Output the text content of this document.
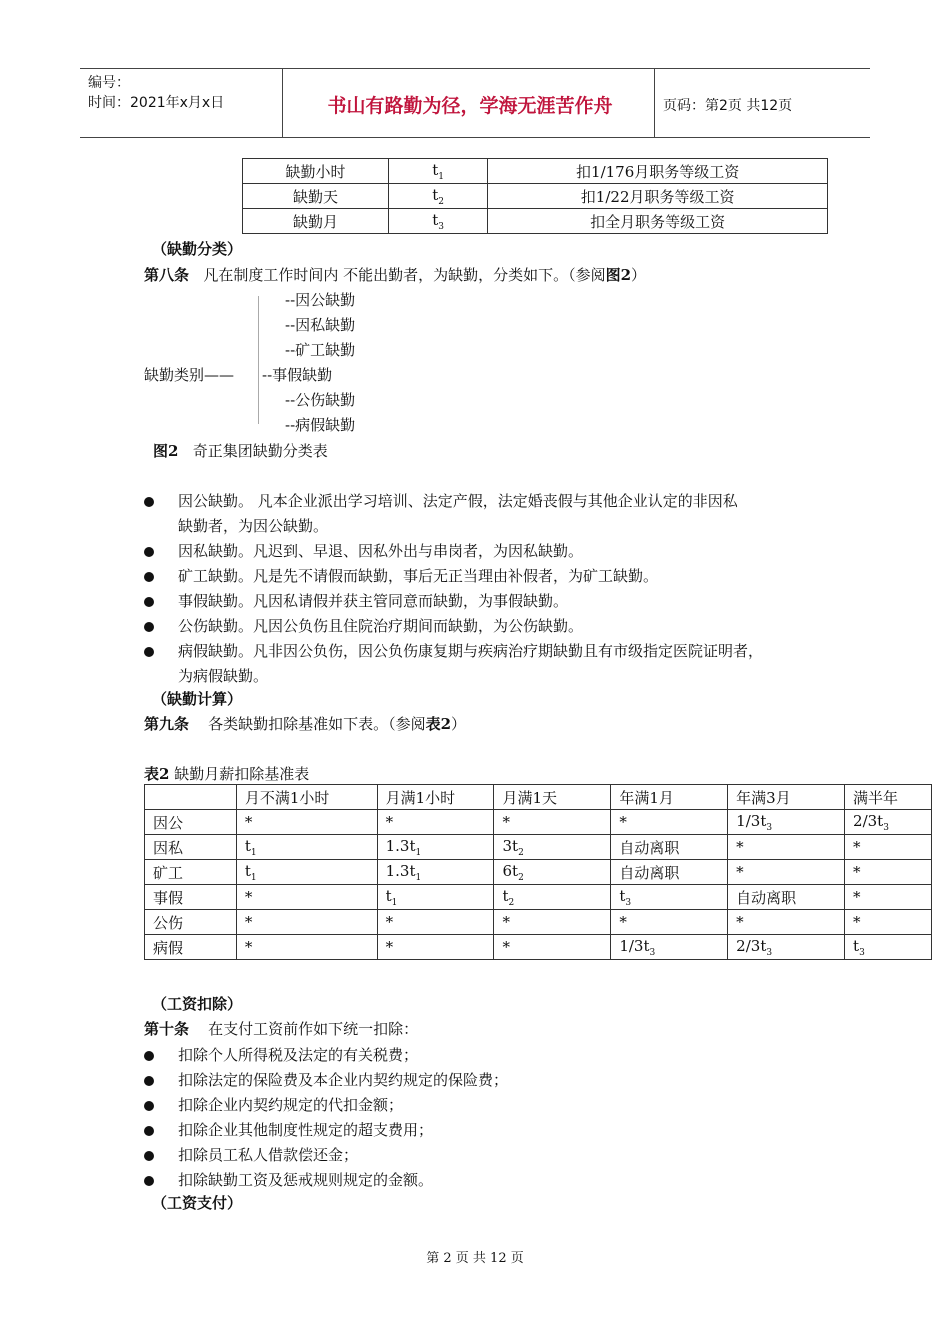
编号：
时间：2021年x月x日	书山有路勤为径，学海无涯苦作舟	页码：第2页 共12页
缺勤小时	$t_1$	扣1/176月职务等级工资
缺勤天	$t_2$	扣1/22月职务等级工资
缺勤月	$t_3$	扣全月职务等级工资
（缺勤分类）
第八条 凡在制度工作时间内 不能出勤者，为缺勤，分类如下。（参阅图2）
缺勤类别——
--因公缺勤
--因私缺勤
--矿工缺勤
--事假缺勤
--公伤缺勤
--病假缺勤
图2 奇正集团缺勤分类表
因公缺勤。 凡本企业派出学习培训、法定产假，法定婚丧假与其他企业认定的非因私
缺勤者，为因公缺勤。
因私缺勤。凡迟到、早退、因私外出与串岗者，为因私缺勤。
矿工缺勤。凡是先不请假而缺勤，事后无正当理由补假者，为矿工缺勤。
事假缺勤。凡因私请假并获主管同意而缺勤，为事假缺勤。
公伤缺勤。凡因公负伤且住院治疗期间而缺勤，为公伤缺勤。
病假缺勤。凡非因公负伤，因公负伤康复期与疾病治疗期缺勤且有市级指定医院证明者，
为病假缺勤。
（缺勤计算）
第九条 各类缺勤扣除基准如下表。（参阅表2）
表2 缺勤月薪扣除基准表
	月不满1小时	月满1小时	月满1天	年满1月	年满3月	满半年
因公	*	*	*	*	$1/3t_3$	$2/3t_3$
因私	$t_1$	$1.3t_1$	$3t_2$	自动离职	*	*
矿工	$t_1$	$1.3t_1$	$6t_2$	自动离职	*	*
事假	*	$t_1$	$t_2$	$t_3$	自动离职	*
公伤	*	*	*	*	*	*
病假	*	*	*	$1/3t_3$	$2/3t_3$	$t_3$
（工资扣除）
第十条 在支付工资前作如下统一扣除：
扣除个人所得税及法定的有关税费；
扣除法定的保险费及本企业内契约规定的保险费；
扣除企业内契约规定的代扣金额；
扣除企业其他制度性规定的超支费用；
扣除员工私人借款偿还金；
扣除缺勤工资及惩戒规则规定的金额。
（工资支付）
第 2 页 共 12 页
